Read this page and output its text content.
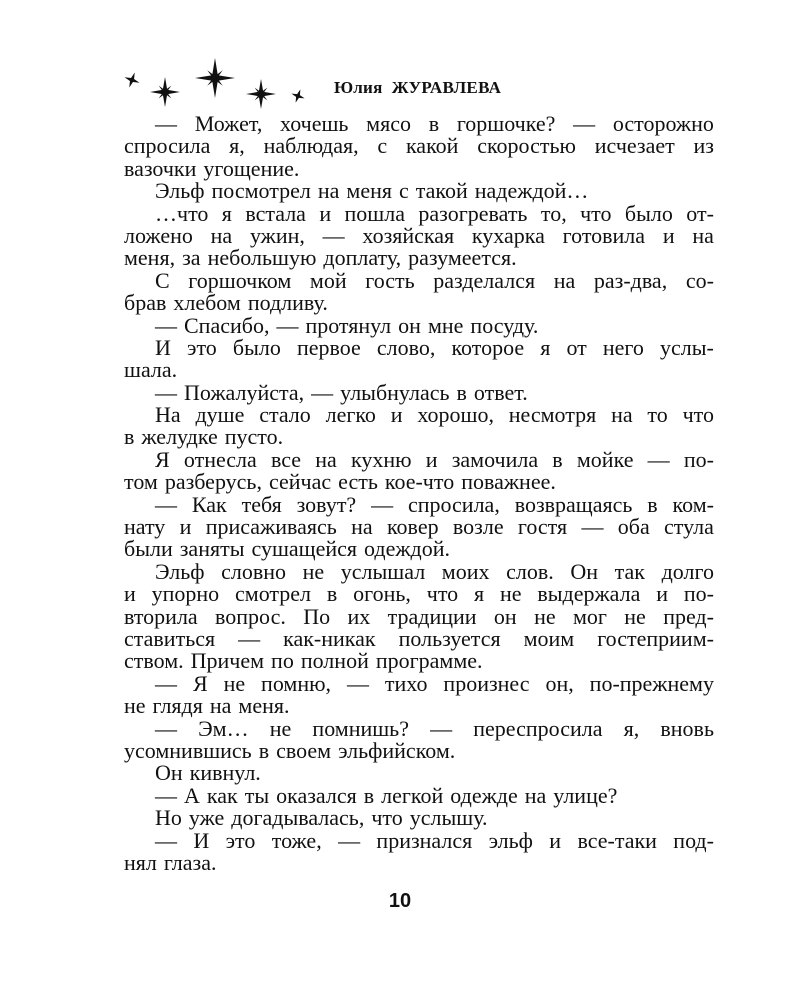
Юлия  ЖУРАВЛЕВА
— Может, хочешь мясо в горшочке? — осторожно
спросила я, наблюдая, с какой скоростью исчезает из
вазочки угощение.
Эльф посмотрел на меня с такой надеждой…
…что я встала и пошла разогревать то, что было от-
ложено на ужин, — хозяйская кухарка готовила и на
меня, за небольшую доплату, разумеется.
С горшочком мой гость разделался на раз-два, со-
брав хлебом подливу.
— Спасибо, — протянул он мне посуду.
И это было первое слово, которое я от него услы-
шала.
— Пожалуйста, — улыбнулась в ответ.
На душе стало легко и хорошо, несмотря на то что
в желудке пусто.
Я отнесла все на кухню и замочила в мойке — по-
том разберусь, сейчас есть кое-что поважнее.
— Как тебя зовут? — спросила, возвращаясь в ком-
нату и присаживаясь на ковер возле гостя — оба стула
были заняты сушащейся одеждой.
Эльф словно не услышал моих слов. Он так долго
и упорно смотрел в огонь, что я не выдержала и по-
вторила вопрос. По их традиции он не мог не пред-
ставиться — как-никак пользуется моим гостеприим-
ством. Причем по полной программе.
— Я не помню, — тихо произнес он, по-прежнему
не глядя на меня.
— Эм… не помнишь? — переспросила я, вновь
усомнившись в своем эльфийском.
Он кивнул.
— А как ты оказался в легкой одежде на улице?
Но уже догадывалась, что услышу.
— И это тоже, — признался эльф и все-таки под-
нял глаза.
10
